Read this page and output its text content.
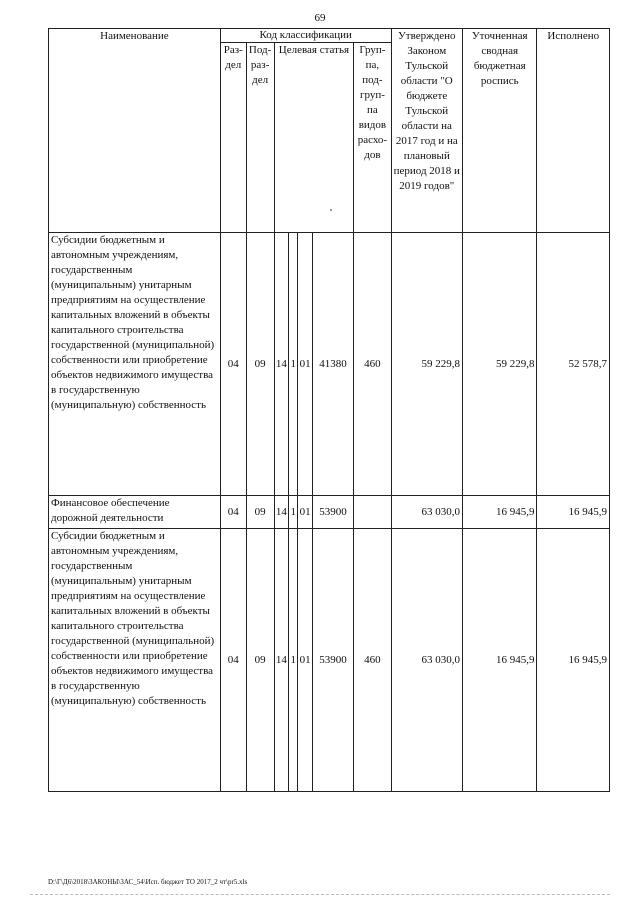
69
Наименование	Код классификации							Утверждено Законом Тульской области "О бюджете Тульской области на 2017 год и на плановый период 2018 и 2019 годов"	Уточненная сводная бюджетная роспись	Исполнено
	Раз-дел	Под-раз-дел	Целевая статья				Груп-па, под-груп-па видов расхо-дов			
Субсидии бюджетным и автономным учреждениям, государственным (муниципальным) унитарным предприятиям на осуществление капитальных вложений в объекты капитального строительства государственной (муниципальной) собственности или приобретение объектов недвижимого имущества в государственную (муниципальную) собственность	04	09	14	1	01	41380	460	59 229,8	59 229,8	52 578,7
Финансовое обеспечение дорожной деятельности	04	09	14	1	01	53900		63 030,0	16 945,9	16 945,9
Субсидии бюджетным и автономным учреждениям, государственным (муниципальным) унитарным предприятиям на осуществление капитальных вложений в объекты капитального строительства государственной (муниципальной) собственности или приобретение объектов недвижимого имущества в государственную (муниципальную) собственность	04	09	14	1	01	53900	460	63 030,0	16 945,9	16 945,9
D:\Г\Д6\2018\ЗАКОНЫ\ЗАС_54\Исп. бюджет ТО 2017_2 чт\pr5.xls
